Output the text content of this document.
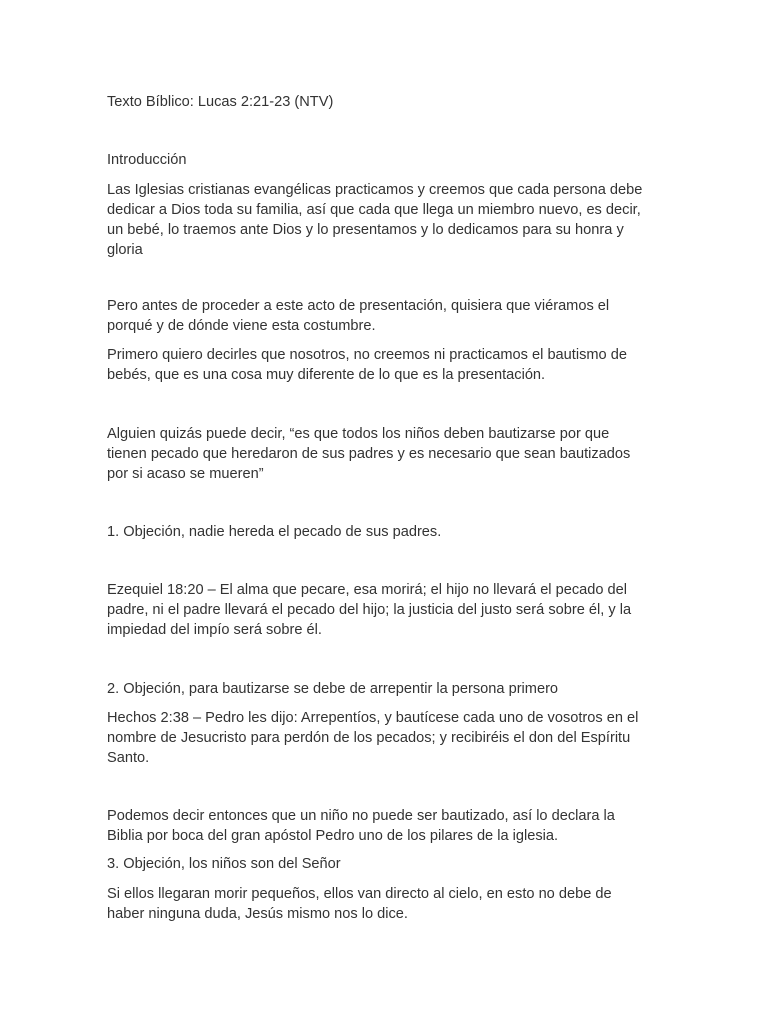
Texto Bíblico: Lucas 2:21-23 (NTV)

Introducción

Las Iglesias cristianas evangélicas practicamos y creemos que cada persona debe
dedicar a Dios toda su familia, así que cada que llega un miembro nuevo, es decir,
un bebé, lo traemos ante Dios y lo presentamos y lo dedicamos para su honra y
gloria

Pero antes de proceder a este acto de presentación, quisiera que viéramos el
porqué y de dónde viene esta costumbre.

Primero quiero decirles que nosotros, no creemos ni practicamos el bautismo de
bebés, que es una cosa muy diferente de lo que es la presentación.

Alguien quizás puede decir, “es que todos los niños deben bautizarse por que
tienen pecado que heredaron de sus padres y es necesario que sean bautizados
por si acaso se mueren”

1. Objeción, nadie hereda el pecado de sus padres.

Ezequiel 18:20 – El alma que pecare, esa morirá; el hijo no llevará el pecado del
padre, ni el padre llevará el pecado del hijo; la justicia del justo será sobre él, y la
impiedad del impío será sobre él.

2. Objeción, para bautizarse se debe de arrepentir la persona primero

Hechos 2:38 – Pedro les dijo: Arrepentíos, y bautícese cada uno de vosotros en el
nombre de Jesucristo para perdón de los pecados; y recibiréis el don del Espíritu
Santo.

Podemos decir entonces que un niño no puede ser bautizado, así lo declara la
Biblia por boca del gran apóstol Pedro uno de los pilares de la iglesia.

3. Objeción, los niños son del Señor

Si ellos llegaran morir pequeños, ellos van directo al cielo, en esto no debe de
haber ninguna duda, Jesús mismo nos lo dice.
